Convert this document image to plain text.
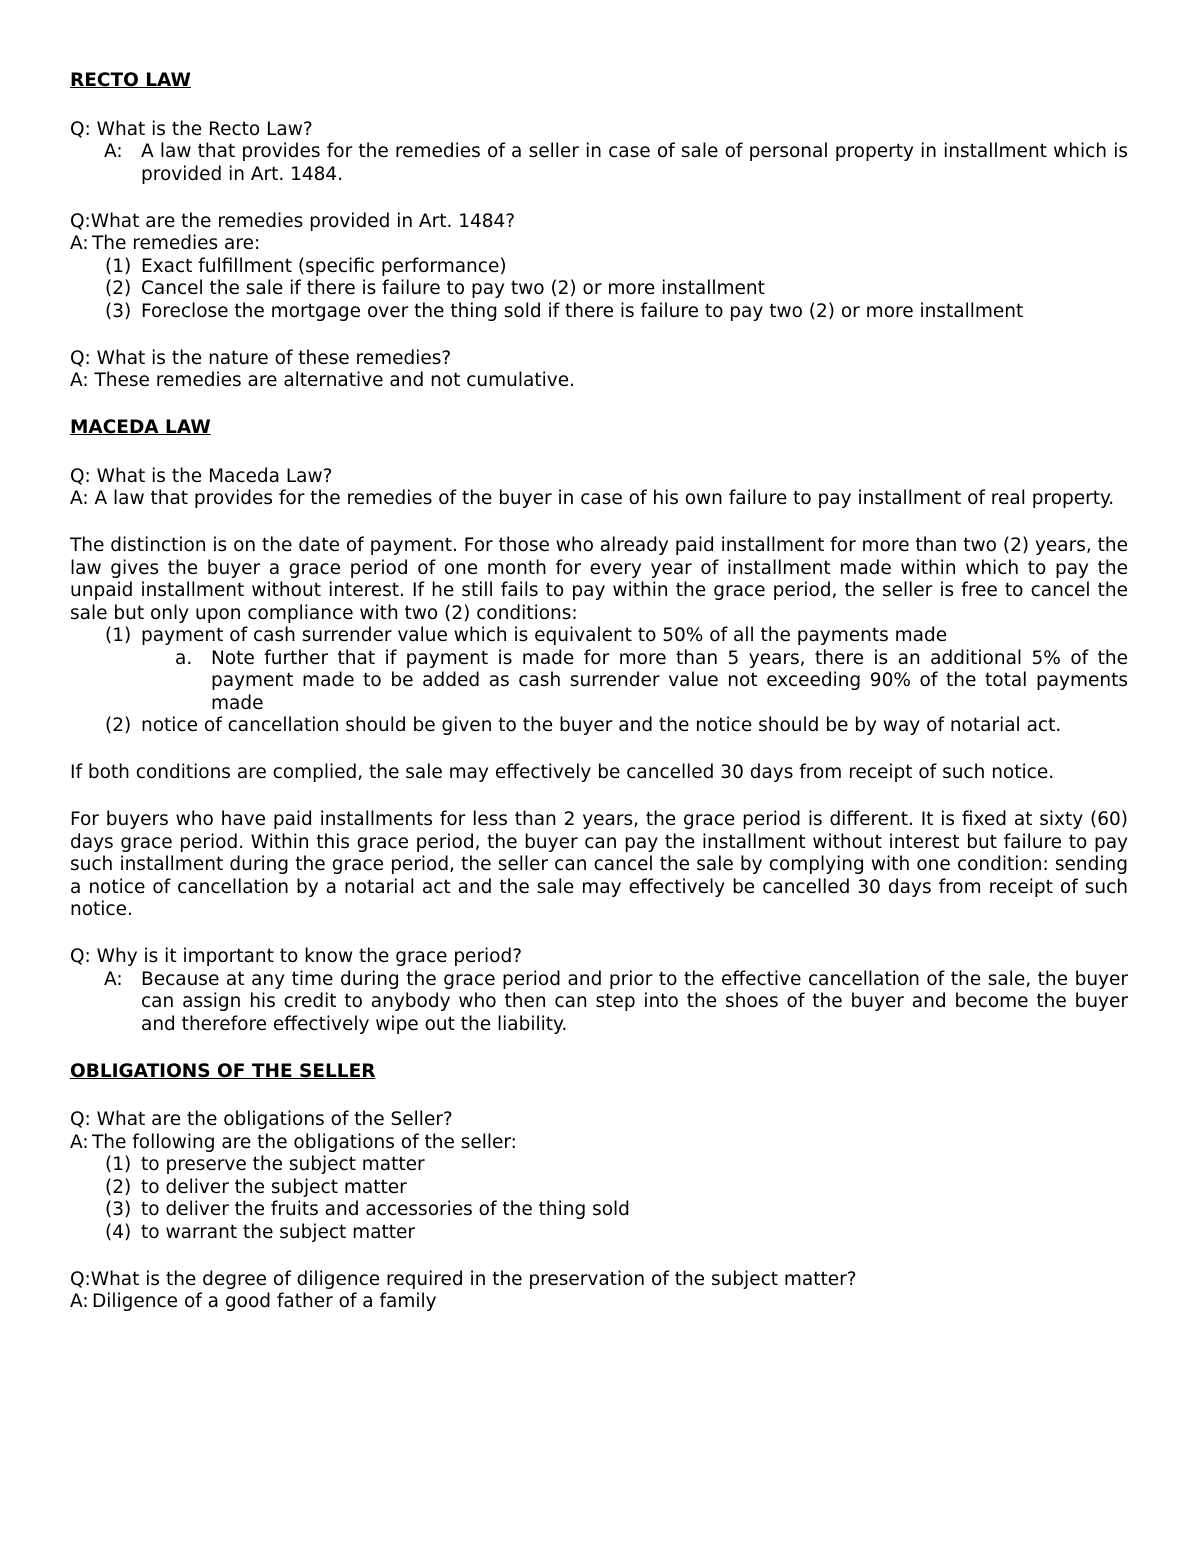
RECTO LAW

Q: What is the Recto Law?

A: A law that provides for the remedies of a seller in case of sale of personal property in installment which is provided in Art. 1484.

Q:What are the remedies provided in Art. 1484?

A: The remedies are:
(1) Exact fulfillment (specific performance)
(2) Cancel the sale if there is failure to pay two (2) or more installment
(3) Foreclose the mortgage over the thing sold if there is failure to pay two (2) or more installment

Q: What is the nature of these remedies?

A: These remedies are alternative and not cumulative.

MACEDA LAW

Q: What is the Maceda Law?

A: A law that provides for the remedies of the buyer in case of his own failure to pay installment of real property.

The distinction is on the date of payment. For those who already paid installment for more than two (2) years, the law gives the buyer a grace period of one month for every year of installment made within which to pay the unpaid installment without interest. If he still fails to pay within the grace period, the seller is free to cancel the sale but only upon compliance with two (2) conditions:

(1) payment of cash surrender value which is equivalent to 50% of all the payments made
a.	Note further that if payment is made for more than 5 years, there is an additional 5% of the payment made to be added as cash surrender value not exceeding 90% of the total payments made
(2) notice of cancellation should be given to the buyer and the notice should be by way of notarial act.

If both conditions are complied, the sale may effectively be cancelled 30 days from receipt of such notice.

For buyers who have paid installments for less than 2 years, the grace period is different. It is fixed at sixty (60) days grace period. Within this grace period, the buyer can pay the installment without interest but failure to pay such installment during the grace period, the seller can cancel the sale by complying with one condition: sending a notice of cancellation by a notarial act and the sale may effectively be cancelled 30 days from receipt of such notice.

Q: Why is it important to know the grace period?

A: Because at any time during the grace period and prior to the effective cancellation of the sale, the buyer can assign his credit to anybody who then can step into the shoes of the buyer and become the buyer and therefore effectively wipe out the liability.

OBLIGATIONS OF THE SELLER

Q: What are the obligations of the Seller?

A: The following are the obligations of the seller:
(1) to preserve the subject matter
(2) to deliver the subject matter
(3) to deliver the fruits and accessories of the thing sold
(4) to warrant the subject matter

Q:What is the degree of diligence required in the preservation of the subject matter?

A: Diligence of a good father of a family
